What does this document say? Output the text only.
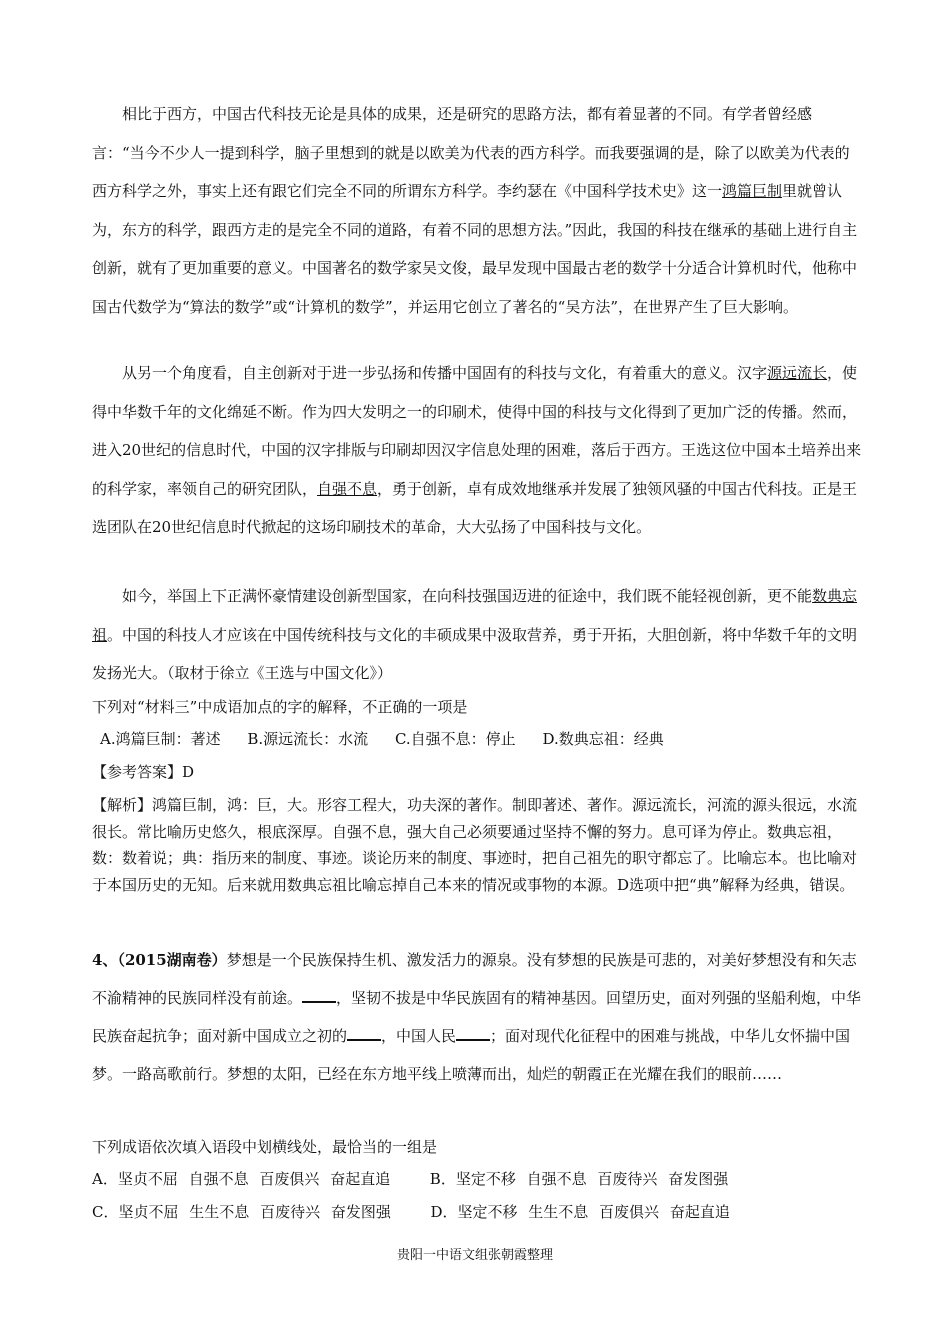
相比于西方，中国古代科技无论是具体的成果，还是研究的思路方法，都有着显著的不同。有学者曾经感言：“当今不少人一提到科学，脑子里想到的就是以欧美为代表的西方科学。而我要强调的是，除了以欧美为代表的西方科学之外，事实上还有跟它们完全不同的所谓东方科学。李约瑟在《中国科学技术史》这一鸿篇巨制里就曾认为，东方的科学，跟西方走的是完全不同的道路，有着不同的思想方法。”因此，我国的科技在继承的基础上进行自主创新，就有了更加重要的意义。中国著名的数学家吴文俊，最早发现中国最古老的数学十分适合计算机时代，他称中国古代数学为“算法的数学”或“计算机的数学”，并运用它创立了著名的“吴方法”，在世界产生了巨大影响。

从另一个角度看，自主创新对于进一步弘扬和传播中国固有的科技与文化，有着重大的意义。汉字源远流长，使得中华数千年的文化绵延不断。作为四大发明之一的印刷术，使得中国的科技与文化得到了更加广泛的传播。然而，进入20世纪的信息时代，中国的汉字排版与印刷却因汉字信息处理的困难，落后于西方。王选这位中国本土培养出来的科学家，率领自己的研究团队，自强不息，勇于创新，卓有成效地继承并发展了独领风骚的中国古代科技。正是王选团队在20世纪信息时代掀起的这场印刷技术的革命，大大弘扬了中国科技与文化。

如今，举国上下正满怀豪情建设创新型国家，在向科技强国迈进的征途中，我们既不能轻视创新，更不能数典忘祖。中国的科技人才应该在中国传统科技与文化的丰硕成果中汲取营养，勇于开拓，大胆创新，将中华数千年的文明发扬光大。（取材于徐立《王选与中国文化》）

下列对“材料三”中成语加点的字的解释，不正确的一项是

A.鸿篇巨制：著述 B.源远流长：水流 C.自强不息：停止 D.数典忘祖：经典

【参考答案】D

【解析】鸿篇巨制，鸿：巨，大。形容工程大，功夫深的著作。制即著述、著作。源远流长，河流的源头很远，水流很长。常比喻历史悠久，根底深厚。自强不息，强大自己必须要通过坚持不懈的努力。息可译为停止。数典忘祖，数：数着说；典：指历来的制度、事迹。谈论历来的制度、事迹时，把自己祖先的职守都忘了。比喻忘本。也比喻对于本国历史的无知。后来就用数典忘祖比喻忘掉自己本来的情况或事物的本源。D选项中把“典”解释为经典，错误。

4、（2015湖南卷）梦想是一个民族保持生机、激发活力的源泉。没有梦想的民族是可悲的，对美好梦想没有和矢志不渝精神的民族同样没有前途。 ，坚韧不拔是中华民族固有的精神基因。回望历史，面对列强的坚船利炮，中华民族奋起抗争；面对新中国成立之初的 ，中国人民 ；面对现代化征程中的困难与挑战，中华儿女怀揣中国梦。一路高歌前行。梦想的太阳，已经在东方地平线上喷薄而出，灿烂的朝霞正在光耀在我们的眼前……

下列成语依次填入语段中划横线处，最恰当的一组是

A．坚贞不屈 自强不息 百废俱兴 奋起直追	B．坚定不移 自强不息 百废待兴 奋发图强

C．坚贞不屈 生生不息 百废待兴 奋发图强	D．坚定不移 生生不息 百废俱兴 奋起直追

贵阳一中语文组张朝霞整理
